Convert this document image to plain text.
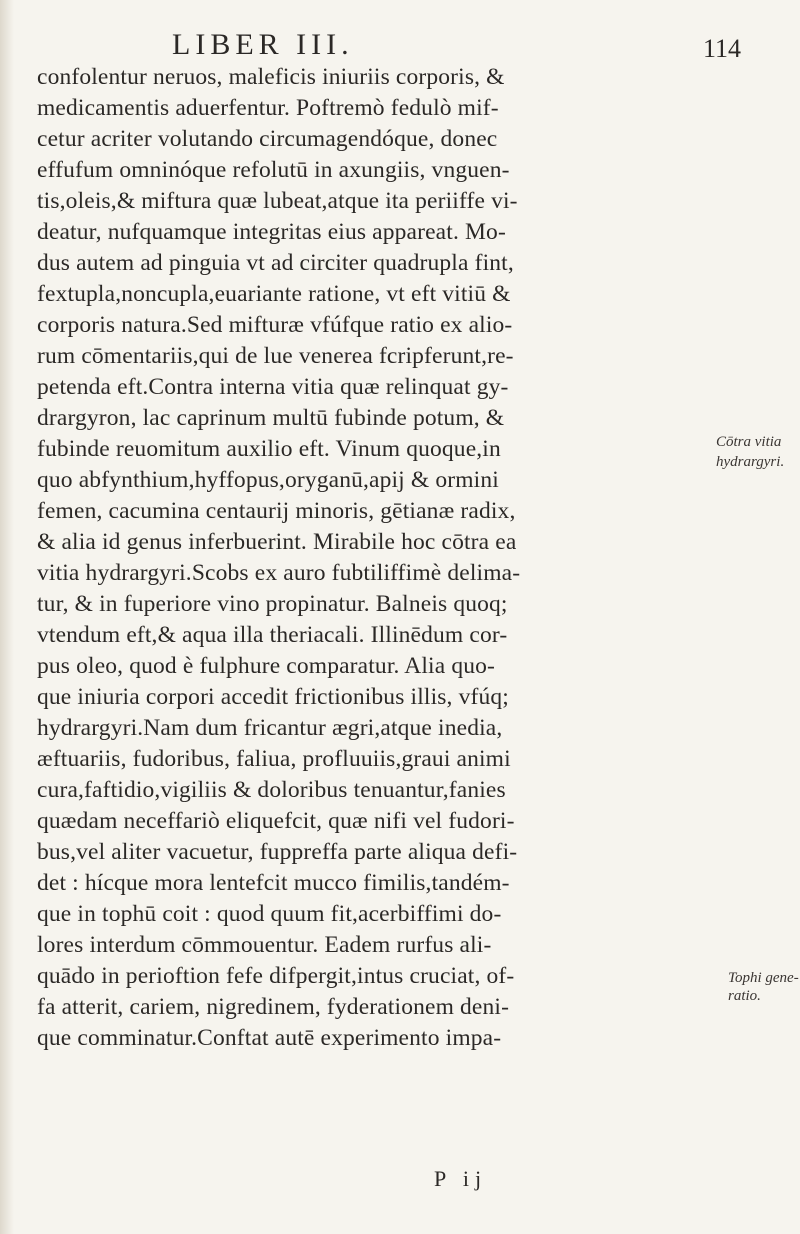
LIBER III.	114
confolentur neruos, maleficis iniuriis corporis, &
medicamentis aduerfentur. Poftremò fedulò mif-
cetur acriter volutando circumagendóque, donec
effufum omninóque refolutū in axungiis, vnguen-
tis,oleis,& miftura quæ lubeat,atque ita periiffe vi-
deatur, nufquamque integritas eius appareat. Mo-
dus autem ad pinguia vt ad circiter quadrupla fint,
fextupla,noncupla,euariante ratione, vt eft vitiū &
corporis natura.Sed mifturæ vfúfque ratio ex alio-
rum cōmentariis,qui de lue venerea fcripferunt,re-
petenda eft.Contra interna vitia quæ relinquat gy-
drargyron, lac caprinum multū fubinde potum, &
fubinde reuomitum auxilio eft. Vinum quoque,in
quo abfynthium,hyffopus,oryganū,apij & ormini
femen, cacumina centaurij minoris, gētianæ radix,
& alia id genus inferbuerint. Mirabile hoc cōtra ea
vitia hydrargyri.Scobs ex auro fubtiliffimè delima-
tur, & in fuperiore vino propinatur. Balneis quoq;
vtendum eft,& aqua illa theriacali. Illinēdum cor-
pus oleo, quod è fulphure comparatur. Alia quo-
que iniuria corpori accedit frictionibus illis, vfúq;
hydrargyri.Nam dum fricantur ægri,atque inedia,
æftuariis, fudoribus, faliua, profluuiis,graui animi
cura,faftidio,vigiliis & doloribus tenuantur,fanies
quædam neceffariò eliquefcit, quæ nifi vel fudori-
bus,vel aliter vacuetur, fuppreffa parte aliqua defi-
det : hícque mora lentefcit mucco fimilis,tandém-
que in tophū coit : quod quum fit,acerbiffimi do-
lores interdum cōmmouentur. Eadem rurfus ali-
quādo in perioftion fefe difpergit,intus cruciat, of-
fa atterit, cariem, nigredinem, fyderationem deni-
que comminatur.Conftat autē experimento impa-
Cōtra vitia
hydrargyri.
Tophi gene-
ratio.
P ij
